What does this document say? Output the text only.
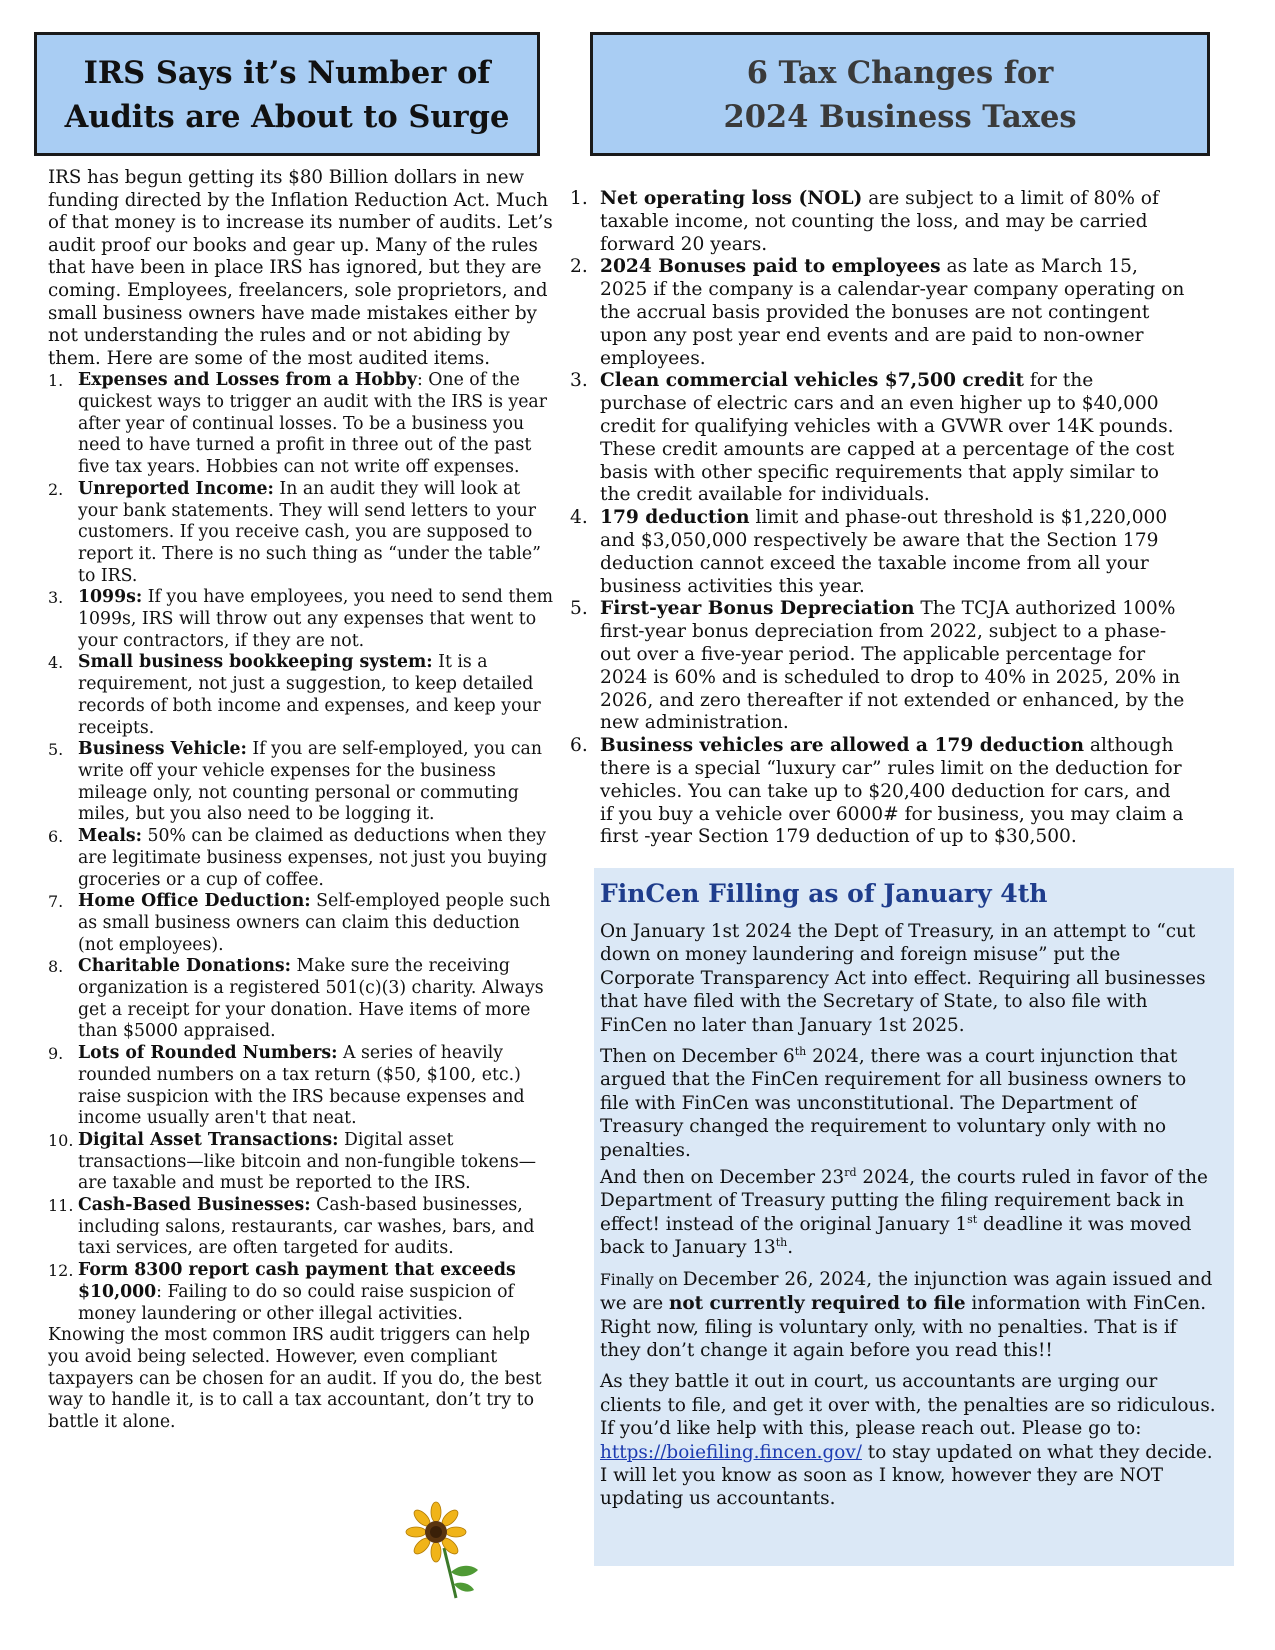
IRS Says it’s Number of
Audits are About to Surge
6 Tax Changes for
2024 Business Taxes

IRS has begun getting its $80 Billion dollars in new funding directed by the Inflation Reduction Act. Much of that money is to increase its number of audits. Let’s audit proof our books and gear up. Many of the rules that have been in place IRS has ignored, but they are coming. Employees, freelancers, sole proprietors, and small business owners have made mistakes either by not understanding the rules and or not abiding by them. Here are some of the most audited items.

1. Expenses and Losses from a Hobby: One of the quickest ways to trigger an audit with the IRS is year after year of continual losses. To be a business you need to have turned a profit in three out of the past five tax years. Hobbies can not write off expenses.
2. Unreported Income: In an audit they will look at your bank statements. They will send letters to your customers. If you receive cash, you are supposed to report it. There is no such thing as “under the table” to IRS.
3. 1099s: If you have employees, you need to send them 1099s, IRS will throw out any expenses that went to your contractors, if they are not.
4. Small business bookkeeping system: It is a requirement, not just a suggestion, to keep detailed records of both income and expenses, and keep your receipts.
5. Business Vehicle: If you are self-employed, you can write off your vehicle expenses for the business mileage only, not counting personal or commuting miles, but you also need to be logging it.
6. Meals: 50% can be claimed as deductions when they are legitimate business expenses, not just you buying groceries or a cup of coffee.
7. Home Office Deduction: Self-employed people such as small business owners can claim this deduction (not employees).
8. Charitable Donations: Make sure the receiving organization is a registered 501(c)(3) charity. Always get a receipt for your donation. Have items of more than $5000 appraised.
9. Lots of Rounded Numbers: A series of heavily rounded numbers on a tax return ($50, $100, etc.) raise suspicion with the IRS because expenses and income usually aren't that neat.
10. Digital Asset Transactions: Digital asset transactions—like bitcoin and non-fungible tokens—are taxable and must be reported to the IRS.
11. Cash-Based Businesses: Cash-based businesses, including salons, restaurants, car washes, bars, and taxi services, are often targeted for audits.
12. Form 8300 report cash payment that exceeds $10,000: Failing to do so could raise suspicion of money laundering or other illegal activities.

Knowing the most common IRS audit triggers can help you avoid being selected. However, even compliant taxpayers can be chosen for an audit. If you do, the best way to handle it, is to call a tax accountant, don’t try to battle it alone.

1. Net operating loss (NOL) are subject to a limit of 80% of taxable income, not counting the loss, and may be carried forward 20 years.
2. 2024 Bonuses paid to employees as late as March 15, 2025 if the company is a calendar-year company operating on the accrual basis provided the bonuses are not contingent upon any post year end events and are paid to non-owner employees.
3. Clean commercial vehicles $7,500 credit for the purchase of electric cars and an even higher up to $40,000 credit for qualifying vehicles with a GVWR over 14K pounds. These credit amounts are capped at a percentage of the cost basis with other specific requirements that apply similar to the credit available for individuals.
4. 179 deduction limit and phase-out threshold is $1,220,000 and $3,050,000 respectively be aware that the Section 179 deduction cannot exceed the taxable income from all your business activities this year.
5. First-year Bonus Depreciation The TCJA authorized 100% first-year bonus depreciation from 2022, subject to a phase-out over a five-year period. The applicable percentage for 2024 is 60% and is scheduled to drop to 40% in 2025, 20% in 2026, and zero thereafter if not extended or enhanced, by the new administration.
6. Business vehicles are allowed a 179 deduction although there is a special “luxury car” rules limit on the deduction for vehicles. You can take up to $20,400 deduction for cars, and if you buy a vehicle over 6000# for business, you may claim a first -year Section 179 deduction of up to $30,500.
FinCen Filling as of January 4th

On January 1st 2024 the Dept of Treasury, in an attempt to “cut down on money laundering and foreign misuse” put the Corporate Transparency Act into effect. Requiring all businesses that have filed with the Secretary of State, to also file with FinCen no later than January 1st 2025.

Then on December 6th 2024, there was a court injunction that argued that the FinCen requirement for all business owners to file with FinCen was unconstitutional. The Department of Treasury changed the requirement to voluntary only with no penalties.

And then on December 23rd 2024, the courts ruled in favor of the Department of Treasury putting the filing requirement back in effect! instead of the original January 1st deadline it was moved back to January 13th.

Finally on December 26, 2024, the injunction was again issued and we are not currently required to file information with FinCen. Right now, filing is voluntary only, with no penalties. That is if they don’t change it again before you read this!!

As they battle it out in court, us accountants are urging our clients to file, and get it over with, the penalties are so ridiculous. If you’d like help with this, please reach out. Please go to: https://boiefiling.fincen.gov/ to stay updated on what they decide. I will let you know as soon as I know, however they are NOT updating us accountants.
